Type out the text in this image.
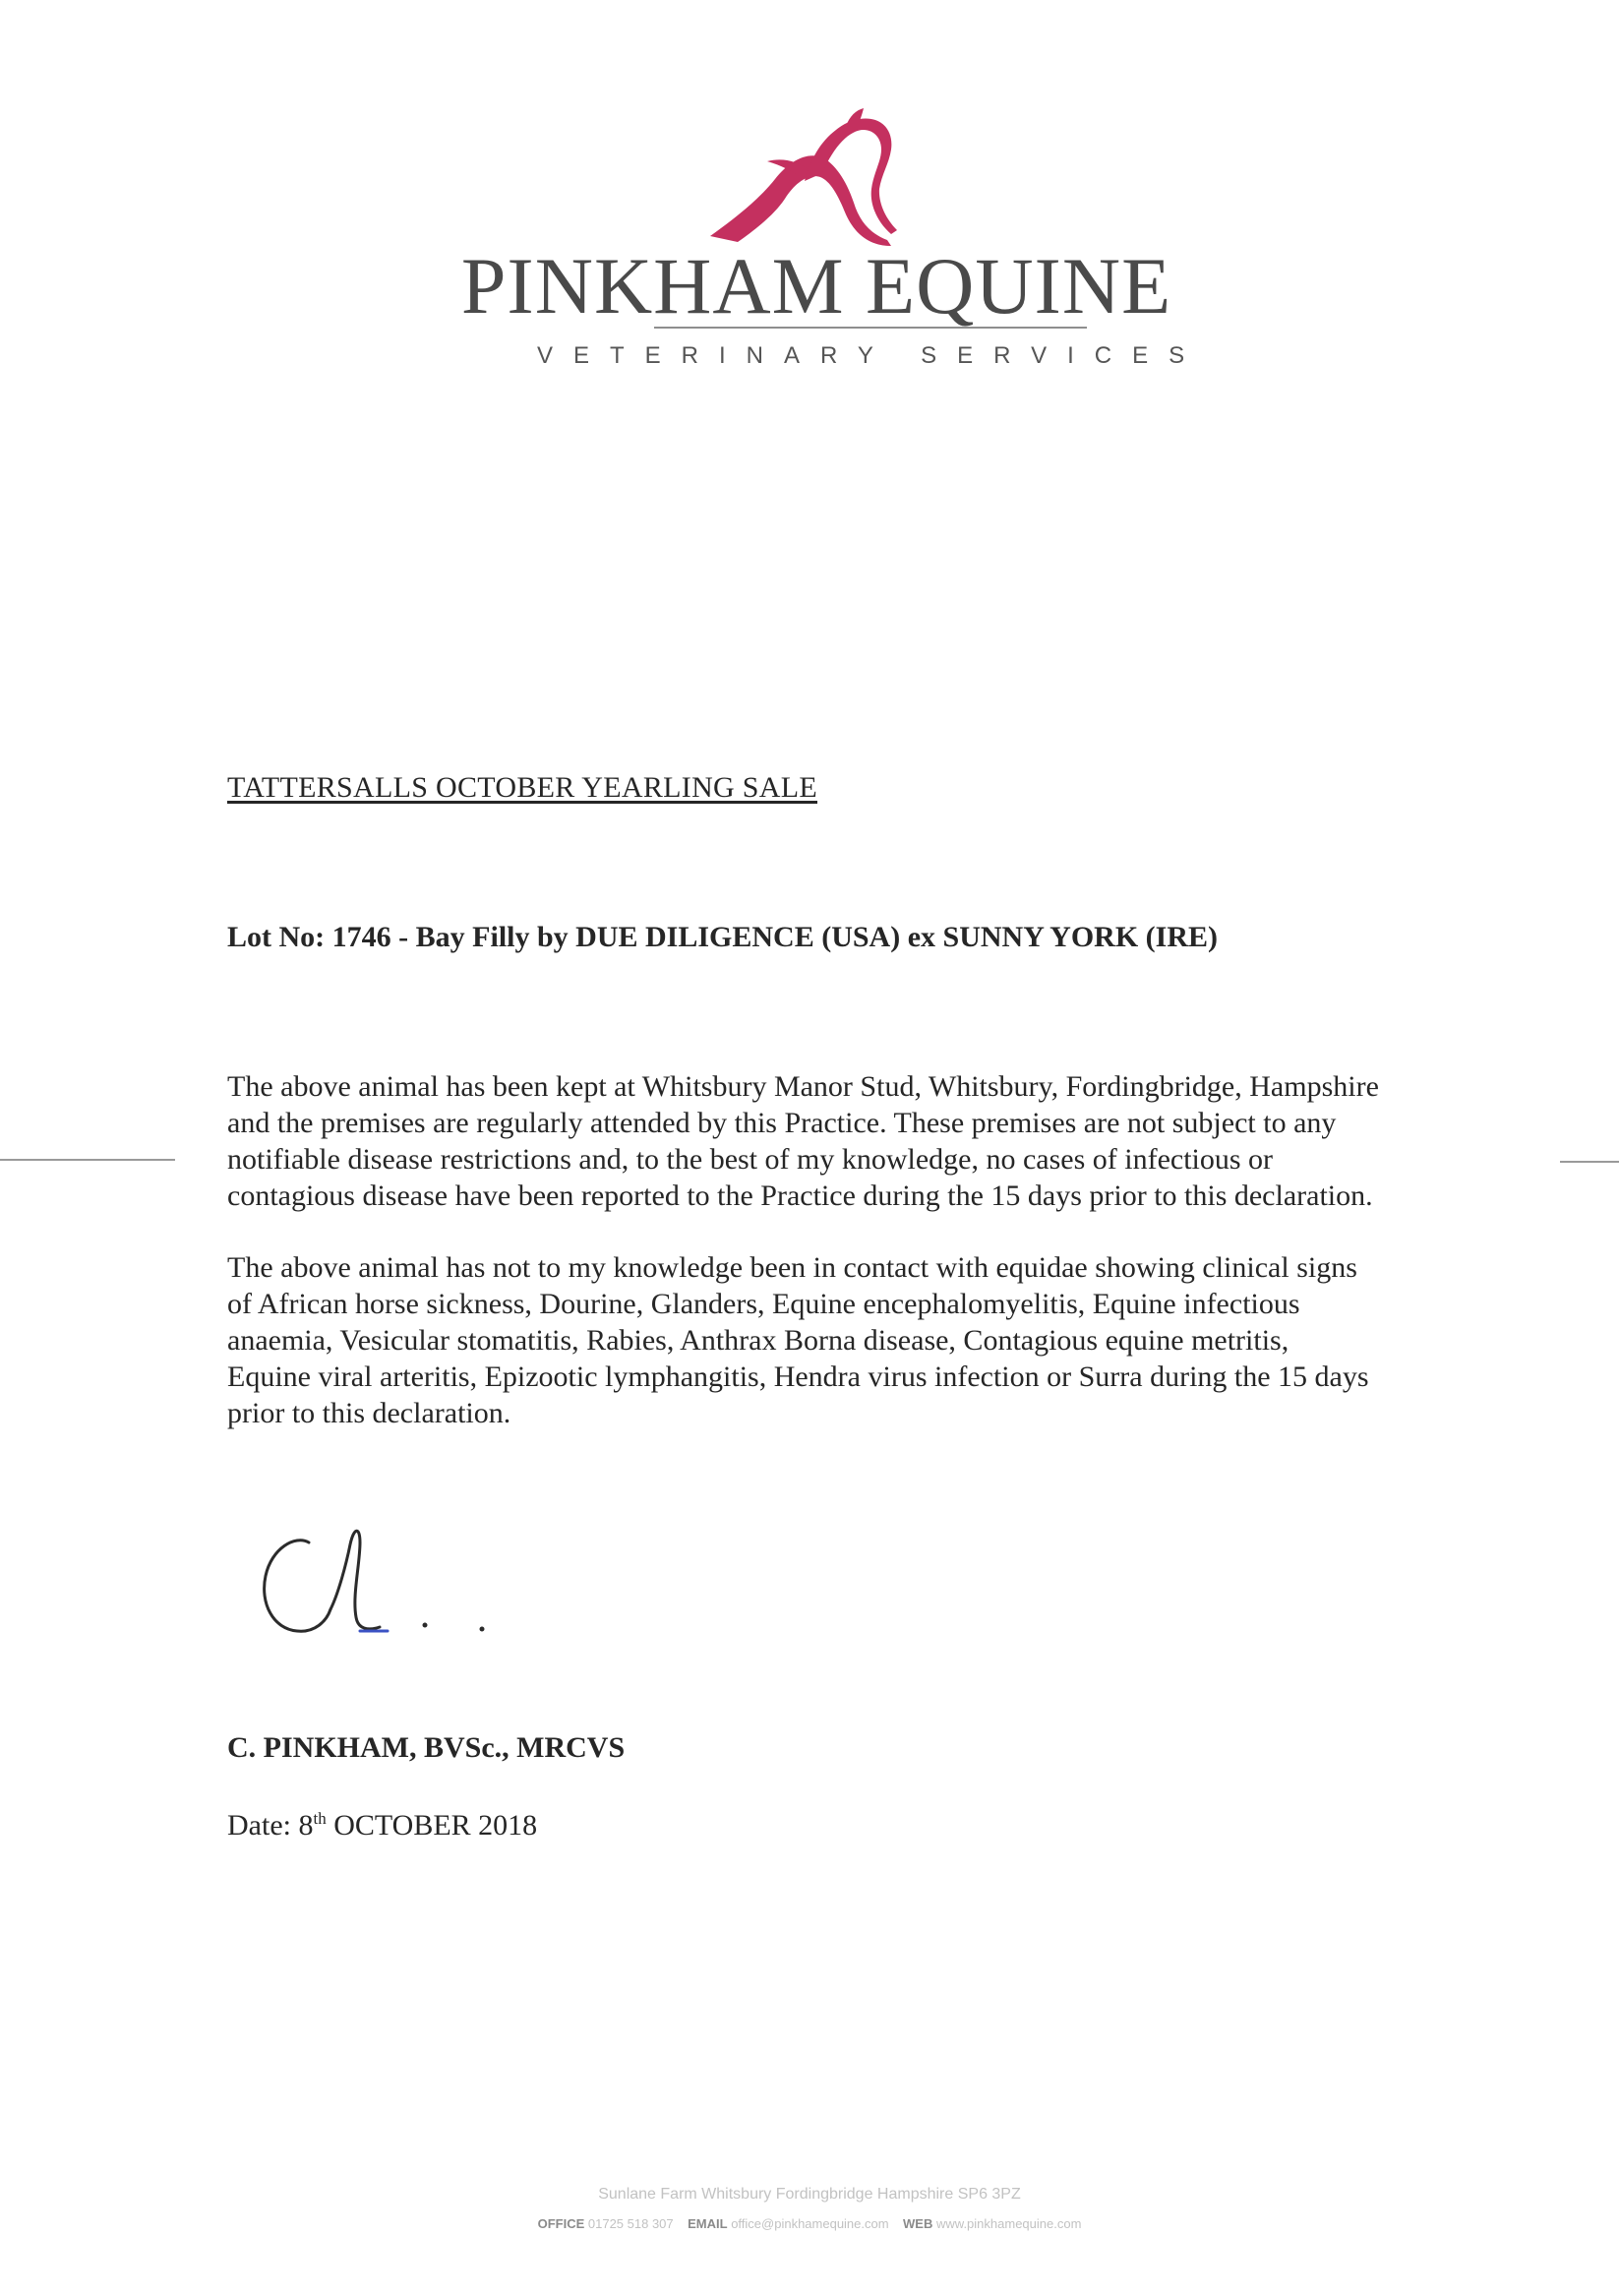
PINKHAM EQUINE
VETERINARY SERVICES
TATTERSALLS OCTOBER YEARLING SALE
Lot No: 1746 - Bay Filly by DUE DILIGENCE (USA) ex SUNNY YORK (IRE)

The above animal has been kept at Whitsbury Manor Stud, Whitsbury, Fordingbridge, Hampshire

and the premises are regularly attended by this Practice. These premises are not subject to any

notifiable disease restrictions and, to the best of my knowledge, no cases of infectious or

contagious disease have been reported to the Practice during the 15 days prior to this declaration.

The above animal has not to my knowledge been in contact with equidae showing clinical signs

of African horse sickness, Dourine, Glanders, Equine encephalomyelitis, Equine infectious

anaemia, Vesicular stomatitis, Rabies, Anthrax Borna disease, Contagious equine metritis,

Equine viral arteritis, Epizootic lymphangitis, Hendra virus infection or Surra during the 15 days

prior to this declaration.

C. PINKHAM, BVSc., MRCVS
Date: 8th OCTOBER 2018
Sunlane Farm Whitsbury Fordingbridge Hampshire SP6 3PZ
OFFICE 01725 518 307 EMAIL office@pinkhamequine.com WEB www.pinkhamequine.com
